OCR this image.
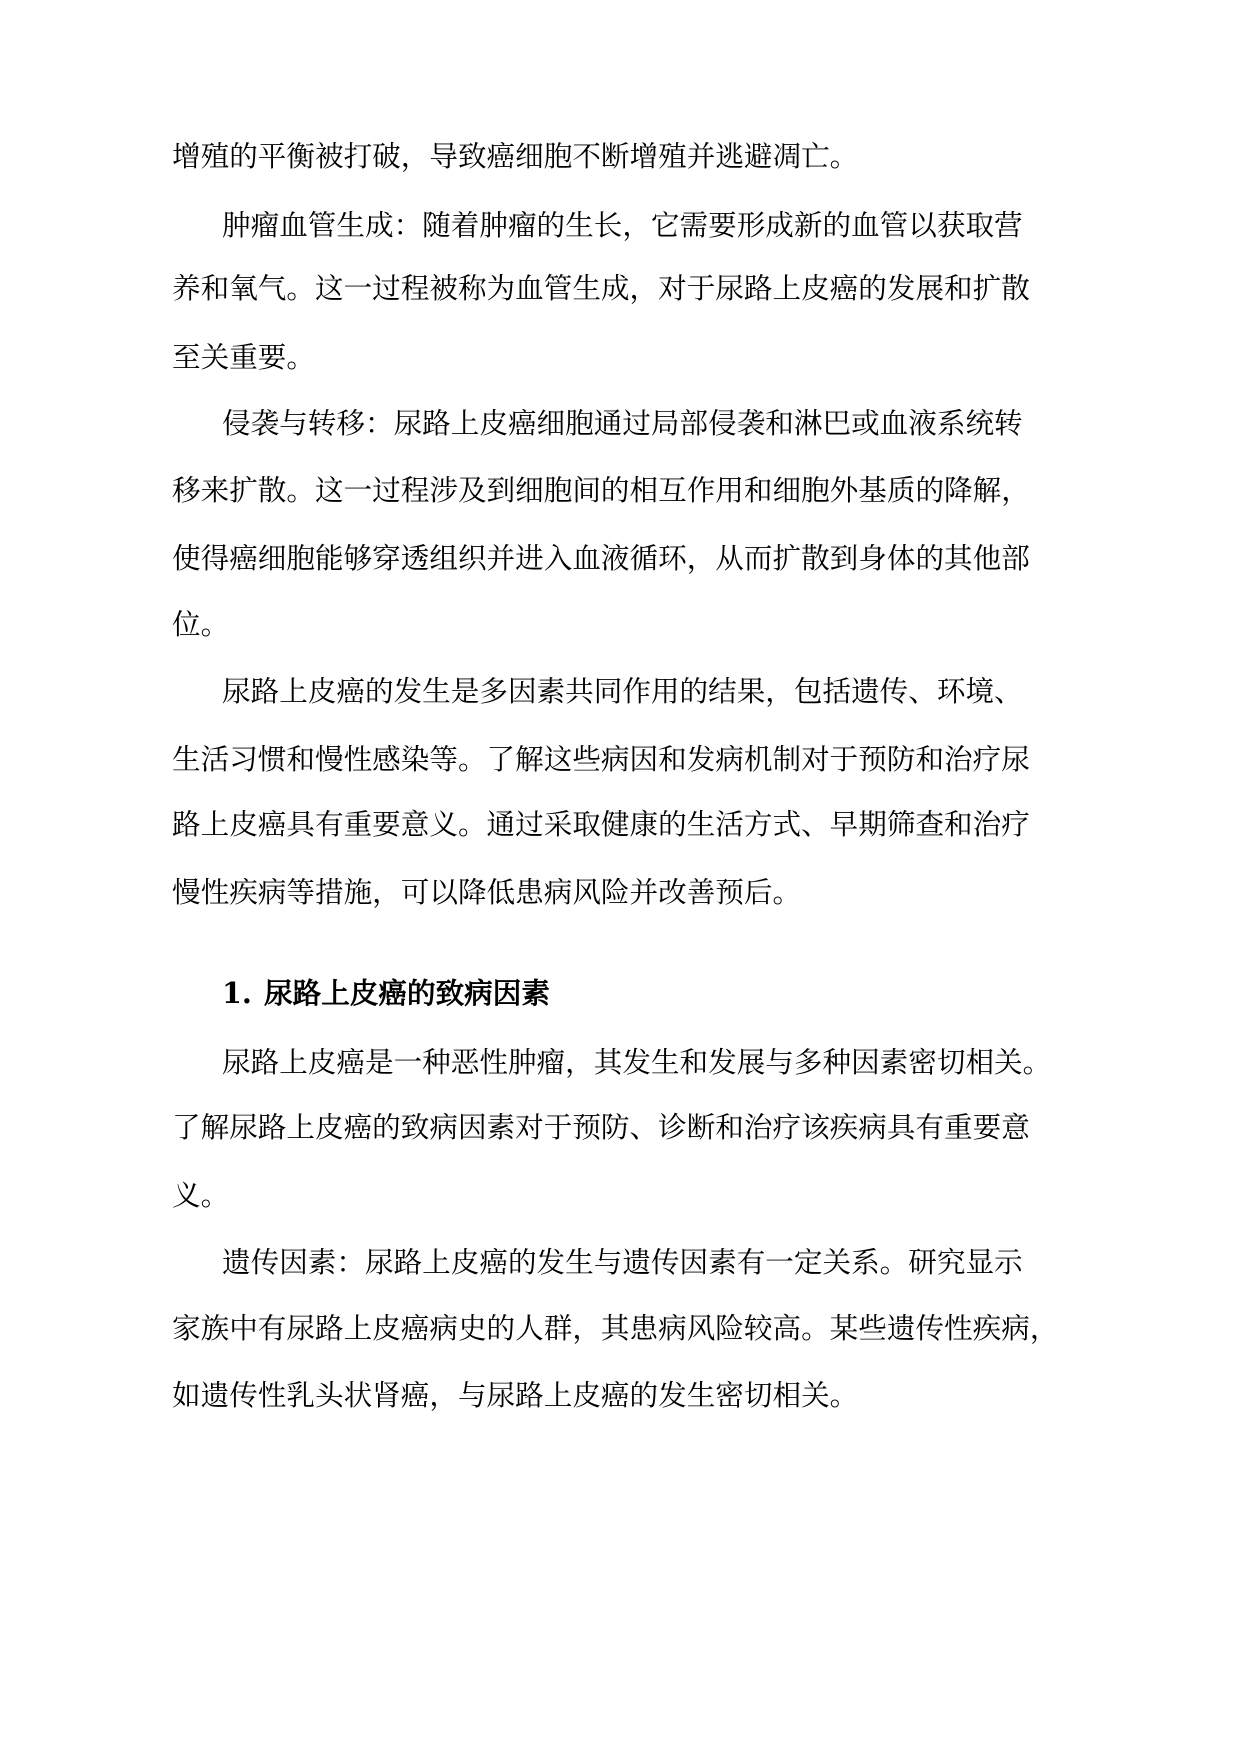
增殖的平衡被打破，导致癌细胞不断增殖并逃避凋亡。
肿瘤血管生成：随着肿瘤的生长，它需要形成新的血管以获取营
养和氧气。这一过程被称为血管生成，对于尿路上皮癌的发展和扩散
至关重要。
侵袭与转移：尿路上皮癌细胞通过局部侵袭和淋巴或血液系统转
移来扩散。这一过程涉及到细胞间的相互作用和细胞外基质的降解，
使得癌细胞能够穿透组织并进入血液循环，从而扩散到身体的其他部
位。
尿路上皮癌的发生是多因素共同作用的结果，包括遗传、环境、
生活习惯和慢性感染等。了解这些病因和发病机制对于预防和治疗尿
路上皮癌具有重要意义。通过采取健康的生活方式、早期筛查和治疗
慢性疾病等措施，可以降低患病风险并改善预后。
1. 尿路上皮癌的致病因素
尿路上皮癌是一种恶性肿瘤，其发生和发展与多种因素密切相关。
了解尿路上皮癌的致病因素对于预防、诊断和治疗该疾病具有重要意
义。
遗传因素：尿路上皮癌的发生与遗传因素有一定关系。研究显示
家族中有尿路上皮癌病史的人群，其患病风险较高。某些遗传性疾病，
如遗传性乳头状肾癌，与尿路上皮癌的发生密切相关。
